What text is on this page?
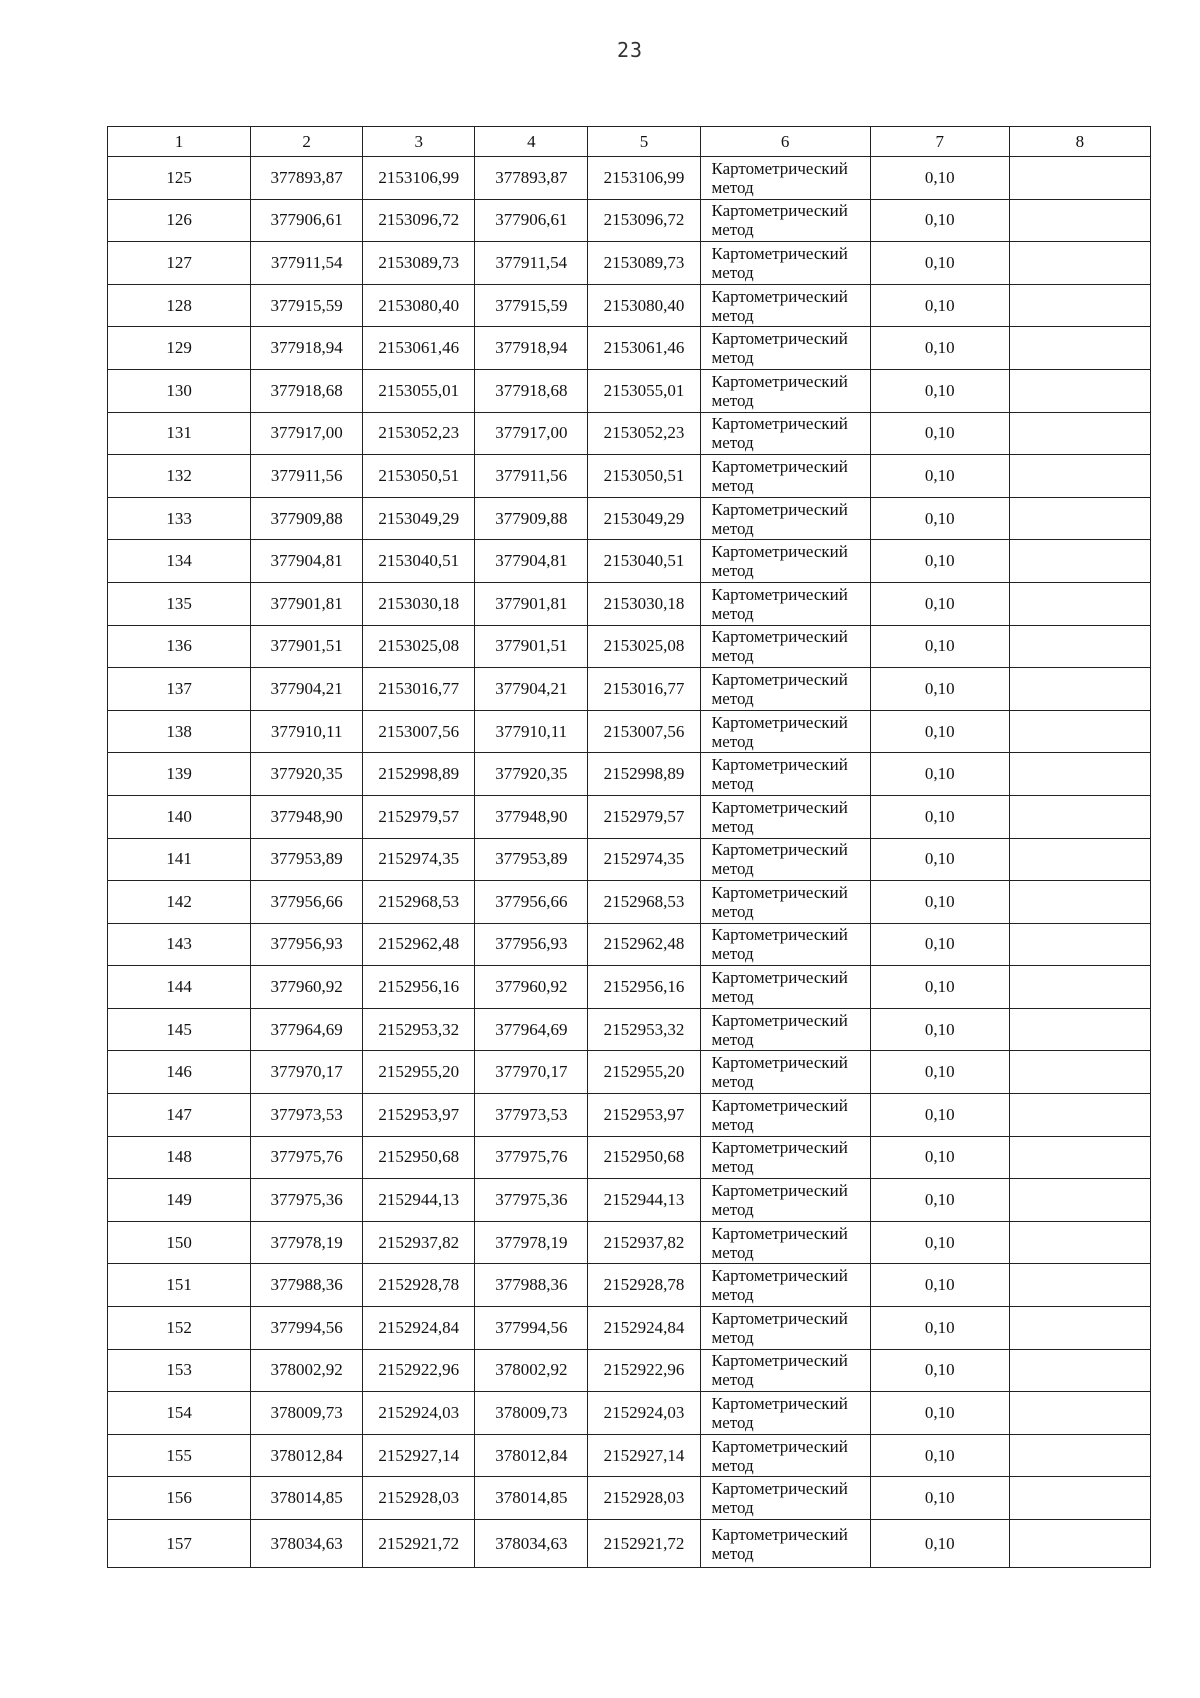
23
1	2	3	4	5	6	7	8
125	377893,87	2153106,99	377893,87	2153106,99	Картометрический метод	0,10	
126	377906,61	2153096,72	377906,61	2153096,72	Картометрический метод	0,10	
127	377911,54	2153089,73	377911,54	2153089,73	Картометрический метод	0,10	
128	377915,59	2153080,40	377915,59	2153080,40	Картометрический метод	0,10	
129	377918,94	2153061,46	377918,94	2153061,46	Картометрический метод	0,10	
130	377918,68	2153055,01	377918,68	2153055,01	Картометрический метод	0,10	
131	377917,00	2153052,23	377917,00	2153052,23	Картометрический метод	0,10	
132	377911,56	2153050,51	377911,56	2153050,51	Картометрический метод	0,10	
133	377909,88	2153049,29	377909,88	2153049,29	Картометрический метод	0,10	
134	377904,81	2153040,51	377904,81	2153040,51	Картометрический метод	0,10	
135	377901,81	2153030,18	377901,81	2153030,18	Картометрический метод	0,10	
136	377901,51	2153025,08	377901,51	2153025,08	Картометрический метод	0,10	
137	377904,21	2153016,77	377904,21	2153016,77	Картометрический метод	0,10	
138	377910,11	2153007,56	377910,11	2153007,56	Картометрический метод	0,10	
139	377920,35	2152998,89	377920,35	2152998,89	Картометрический метод	0,10	
140	377948,90	2152979,57	377948,90	2152979,57	Картометрический метод	0,10	
141	377953,89	2152974,35	377953,89	2152974,35	Картометрический метод	0,10	
142	377956,66	2152968,53	377956,66	2152968,53	Картометрический метод	0,10	
143	377956,93	2152962,48	377956,93	2152962,48	Картометрический метод	0,10	
144	377960,92	2152956,16	377960,92	2152956,16	Картометрический метод	0,10	
145	377964,69	2152953,32	377964,69	2152953,32	Картометрический метод	0,10	
146	377970,17	2152955,20	377970,17	2152955,20	Картометрический метод	0,10	
147	377973,53	2152953,97	377973,53	2152953,97	Картометрический метод	0,10	
148	377975,76	2152950,68	377975,76	2152950,68	Картометрический метод	0,10	
149	377975,36	2152944,13	377975,36	2152944,13	Картометрический метод	0,10	
150	377978,19	2152937,82	377978,19	2152937,82	Картометрический метод	0,10	
151	377988,36	2152928,78	377988,36	2152928,78	Картометрический метод	0,10	
152	377994,56	2152924,84	377994,56	2152924,84	Картометрический метод	0,10	
153	378002,92	2152922,96	378002,92	2152922,96	Картометрический метод	0,10	
154	378009,73	2152924,03	378009,73	2152924,03	Картометрический метод	0,10	
155	378012,84	2152927,14	378012,84	2152927,14	Картометрический метод	0,10	
156	378014,85	2152928,03	378014,85	2152928,03	Картометрический метод	0,10	
157	378034,63	2152921,72	378034,63	2152921,72	Картометрический метод	0,10	
